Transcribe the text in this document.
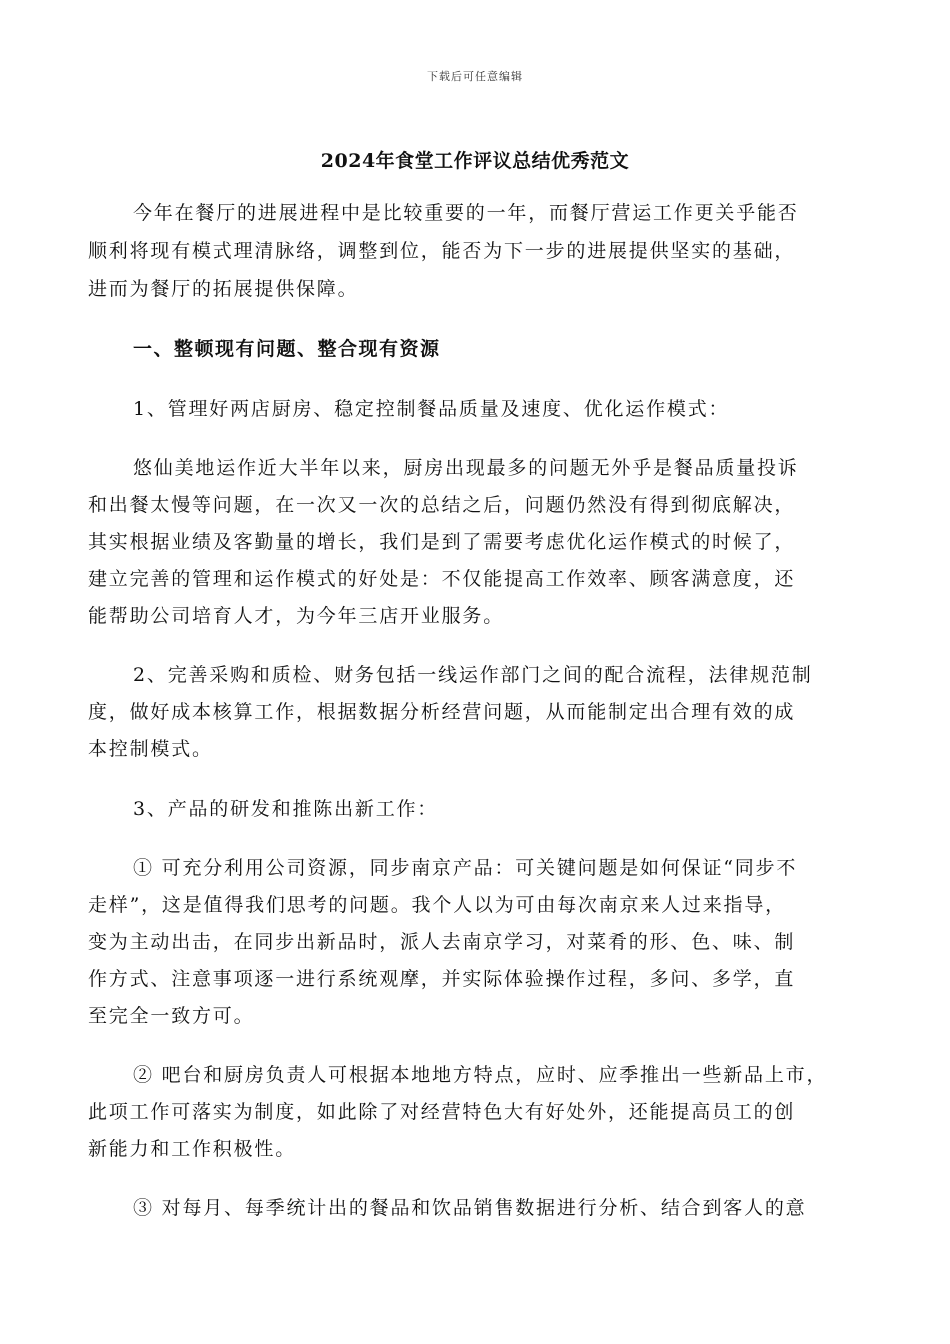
下载后可任意编辑
2024年食堂工作评议总结优秀范文
今年在餐厅的进展进程中是比较重要的一年，而餐厅营运工作更关乎能否
顺利将现有模式理清脉络，调整到位，能否为下一步的进展提供坚实的基础，
进而为餐厅的拓展提供保障。
一、整顿现有问题、整合现有资源
1、管理好两店厨房、稳定控制餐品质量及速度、优化运作模式：
悠仙美地运作近大半年以来，厨房出现最多的问题无外乎是餐品质量投诉
和出餐太慢等问题，在一次又一次的总结之后，问题仍然没有得到彻底解决，
其实根据业绩及客勤量的增长，我们是到了需要考虑优化运作模式的时候了，
建立完善的管理和运作模式的好处是：不仅能提高工作效率、顾客满意度，还
能帮助公司培育人才，为今年三店开业服务。
2、完善采购和质检、财务包括一线运作部门之间的配合流程，法律规范制
度，做好成本核算工作，根据数据分析经营问题，从而能制定出合理有效的成
本控制模式。
3、产品的研发和推陈出新工作：
① 可充分利用公司资源，同步南京产品：可关键问题是如何保证“同步不
走样”，这是值得我们思考的问题。我个人以为可由每次南京来人过来指导，
变为主动出击，在同步出新品时，派人去南京学习，对菜肴的形、色、味、制
作方式、注意事项逐一进行系统观摩，并实际体验操作过程，多问、多学，直
至完全一致方可。
② 吧台和厨房负责人可根据本地地方特点，应时、应季推出一些新品上市，
此项工作可落实为制度，如此除了对经营特色大有好处外，还能提高员工的创
新能力和工作积极性。
③ 对每月、每季统计出的餐品和饮品销售数据进行分析、结合到客人的意
